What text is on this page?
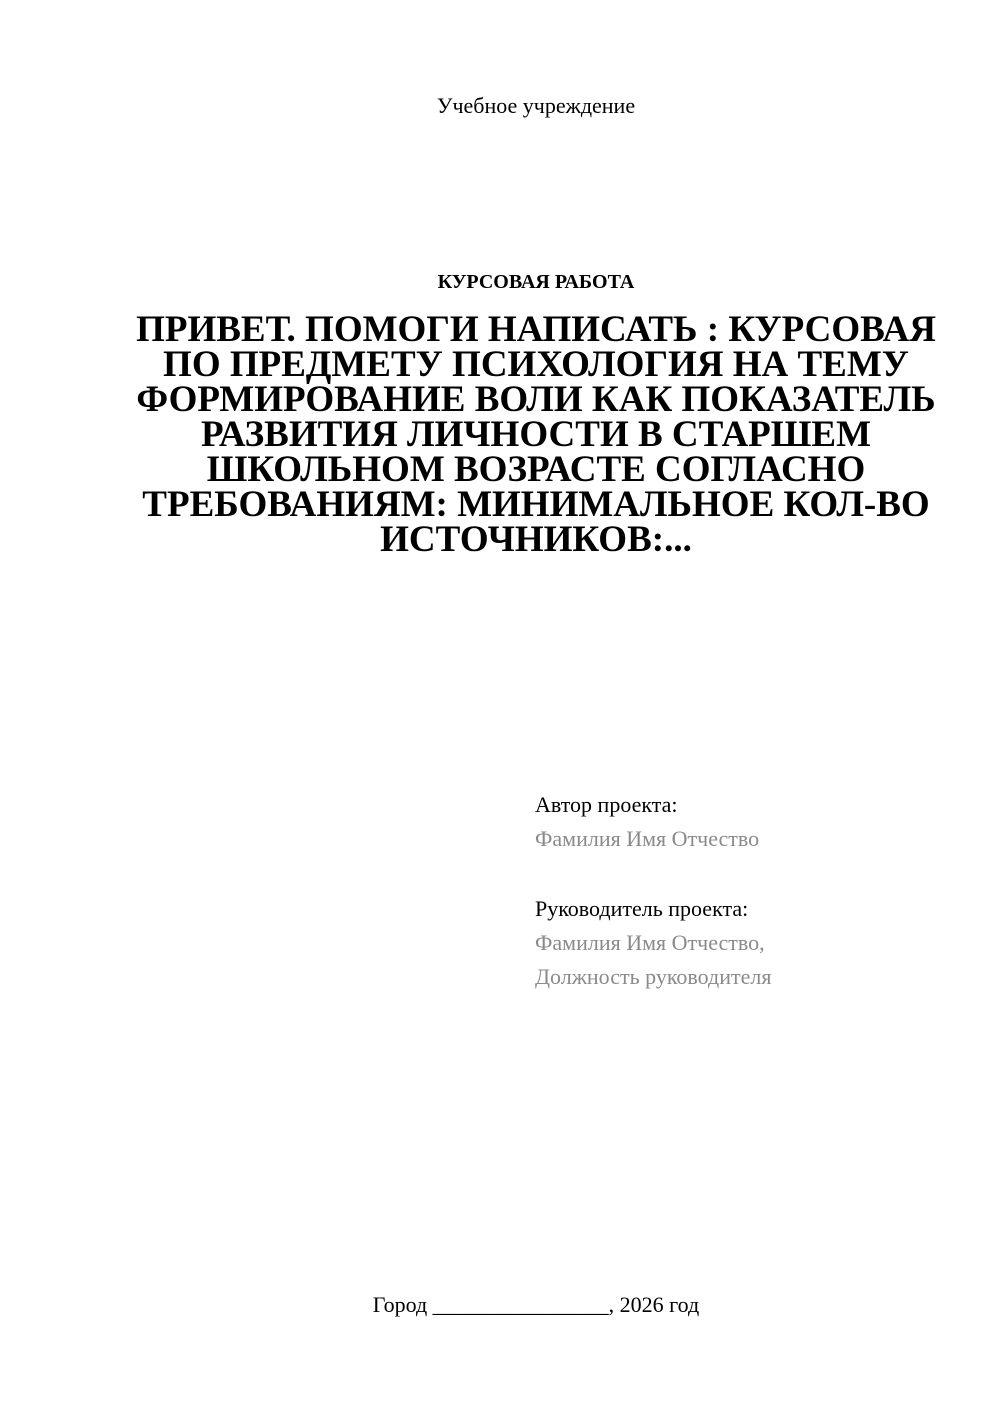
Учебное учреждение
КУРСОВАЯ РАБОТА
ПРИВЕТ. ПОМОГИ НАПИСАТЬ : КУРСОВАЯ ПО ПРЕДМЕТУ ПСИХОЛОГИЯ НА ТЕМУ ФОРМИРОВАНИЕ ВОЛИ КАК ПОКАЗАТЕЛЬ РАЗВИТИЯ ЛИЧНОСТИ В СТАРШЕМ ШКОЛЬНОМ ВОЗРАСТЕ СОГЛАСНО ТРЕБОВАНИЯМ: МИНИМАЛЬНОЕ КОЛ-ВО ИСТОЧНИКОВ:...
Автор проекта:
Фамилия Имя Отчество
Руководитель проекта:
Фамилия Имя Отчество,
Должность руководителя
Город ________________, 2026 год
